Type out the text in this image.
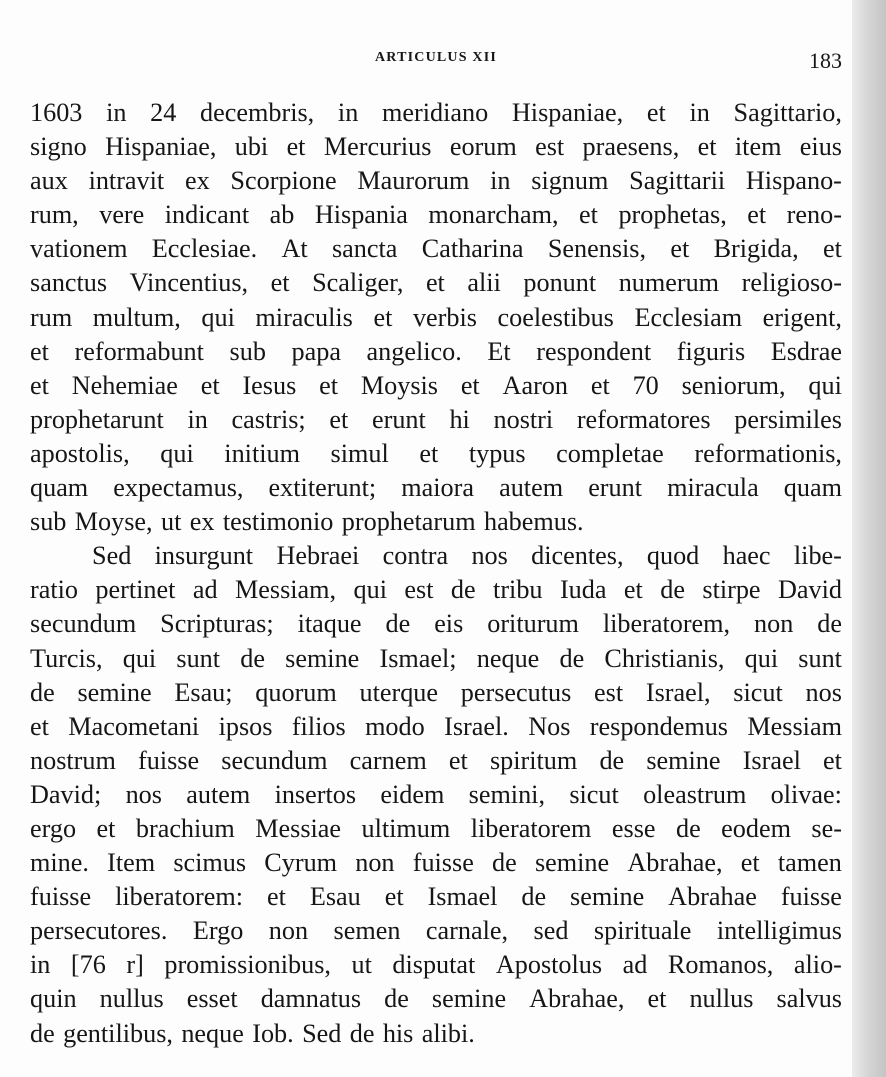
ARTICULUS XII	183
1603 in 24 decembris, in meridiano Hispaniae, et in Sagittario,
signo Hispaniae, ubi et Mercurius eorum est praesens, et item eius
aux intravit ex Scorpione Maurorum in signum Sagittarii Hispano-
rum, vere indicant ab Hispania monarcham, et prophetas, et reno-
vationem Ecclesiae. At sancta Catharina Senensis, et Brigida, et
sanctus Vincentius, et Scaliger, et alii ponunt numerum religioso-
rum multum, qui miraculis et verbis coelestibus Ecclesiam erigent,
et reformabunt sub papa angelico. Et respondent figuris Esdrae
et Nehemiae et Iesus et Moysis et Aaron et 70 seniorum, qui
prophetarunt in castris; et erunt hi nostri reformatores persimiles
apostolis, qui initium simul et typus completae reformationis,
quam expectamus, extiterunt; maiora autem erunt miracula quam
sub Moyse, ut ex testimonio prophetarum habemus.
Sed insurgunt Hebraei contra nos dicentes, quod haec libe-
ratio pertinet ad Messiam, qui est de tribu Iuda et de stirpe David
secundum Scripturas; itaque de eis oriturum liberatorem, non de
Turcis, qui sunt de semine Ismael; neque de Christianis, qui sunt
de semine Esau; quorum uterque persecutus est Israel, sicut nos
et Macometani ipsos filios modo Israel. Nos respondemus Messiam
nostrum fuisse secundum carnem et spiritum de semine Israel et
David; nos autem insertos eidem semini, sicut oleastrum olivae:
ergo et brachium Messiae ultimum liberatorem esse de eodem se-
mine. Item scimus Cyrum non fuisse de semine Abrahae, et tamen
fuisse liberatorem: et Esau et Ismael de semine Abrahae fuisse
persecutores. Ergo non semen carnale, sed spirituale intelligimus
in [76 r] promissionibus, ut disputat Apostolus ad Romanos, alio-
quin nullus esset damnatus de semine Abrahae, et nullus salvus
de gentilibus, neque Iob. Sed de his alibi.
